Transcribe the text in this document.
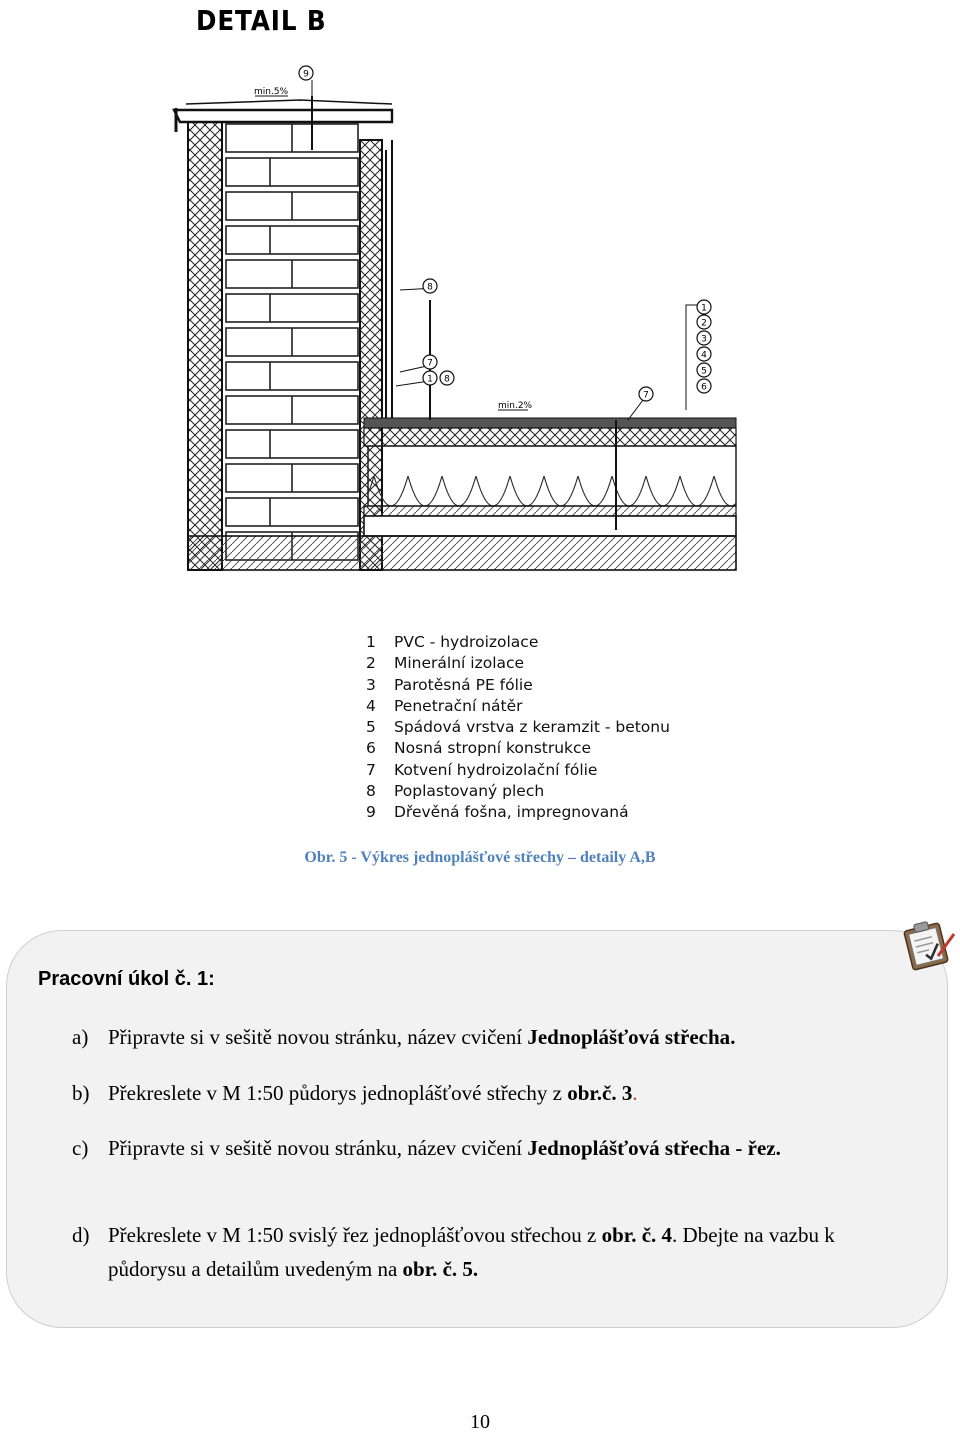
DETAIL B
min.5%
min.2%
9
8
7
1 8
7
1
2
3
4
5
6
1 PVC - hydroizolace
2 Minerální izolace
3 Parotěsná PE fólie
4 Penetrační nátěr
5 Spádová vrstva z keramzit - betonu
6 Nosná stropní konstrukce
7 Kotvení hydroizolační fólie
8 Poplastovaný plech
9 Dřevěná fošna, impregnovaná
Obr. 5 - Výkres jednoplášťové střechy – detaily A,B
Pracovní úkol č. 1:
a) Připravte si v sešitě novou stránku, název cvičení Jednoplášťová střecha.
b) Překreslete v M 1:50 půdorys jednoplášťové střechy z obr.č. 3.
c) Připravte si v sešitě novou stránku, název cvičení Jednoplášťová střecha - řez.
d) Překreslete v M 1:50 svislý řez jednoplášťovou střechou z obr. č. 4. Dbejte na vazbu k půdorysu a detailům uvedeným na obr. č. 5.
10
